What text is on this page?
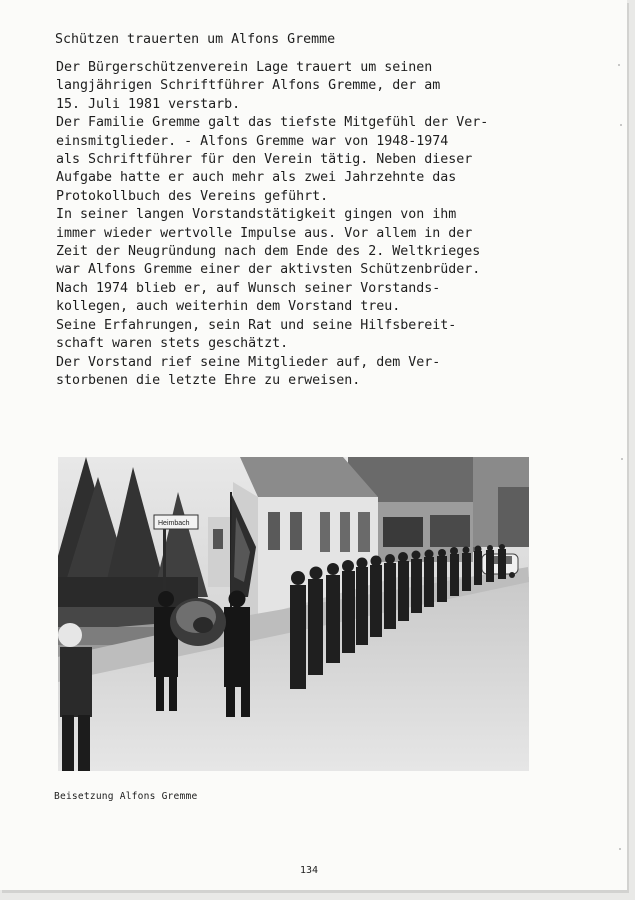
Schützen trauerten um Alfons Gremme
Der Bürgerschützenverein Lage trauert um seinen
langjährigen Schriftführer Alfons Gremme, der am
15. Juli 1981 verstarb.
Der Familie Gremme galt das tiefste Mitgefühl der Ver-
einsmitglieder. - Alfons Gremme war von 1948-1974
als Schriftführer für den Verein tätig. Neben dieser
Aufgabe hatte er auch mehr als zwei Jahrzehnte das
Protokollbuch des Vereins geführt.
In seiner langen Vorstandstätigkeit gingen von ihm
immer wieder wertvolle Impulse aus. Vor allem in der
Zeit der Neugründung nach dem Ende des 2. Weltkrieges
war Alfons Gremme einer der aktivsten Schützenbrüder.
Nach 1974 blieb er, auf Wunsch seiner Vorstands-
kollegen, auch weiterhin dem Vorstand treu.
Seine Erfahrungen, sein Rat und seine Hilfsbereit-
schaft waren stets geschätzt.
Der Vorstand rief seine Mitglieder auf, dem Ver-
storbenen die letzte Ehre zu erweisen.
Heimbach
Beisetzung Alfons Gremme
134
